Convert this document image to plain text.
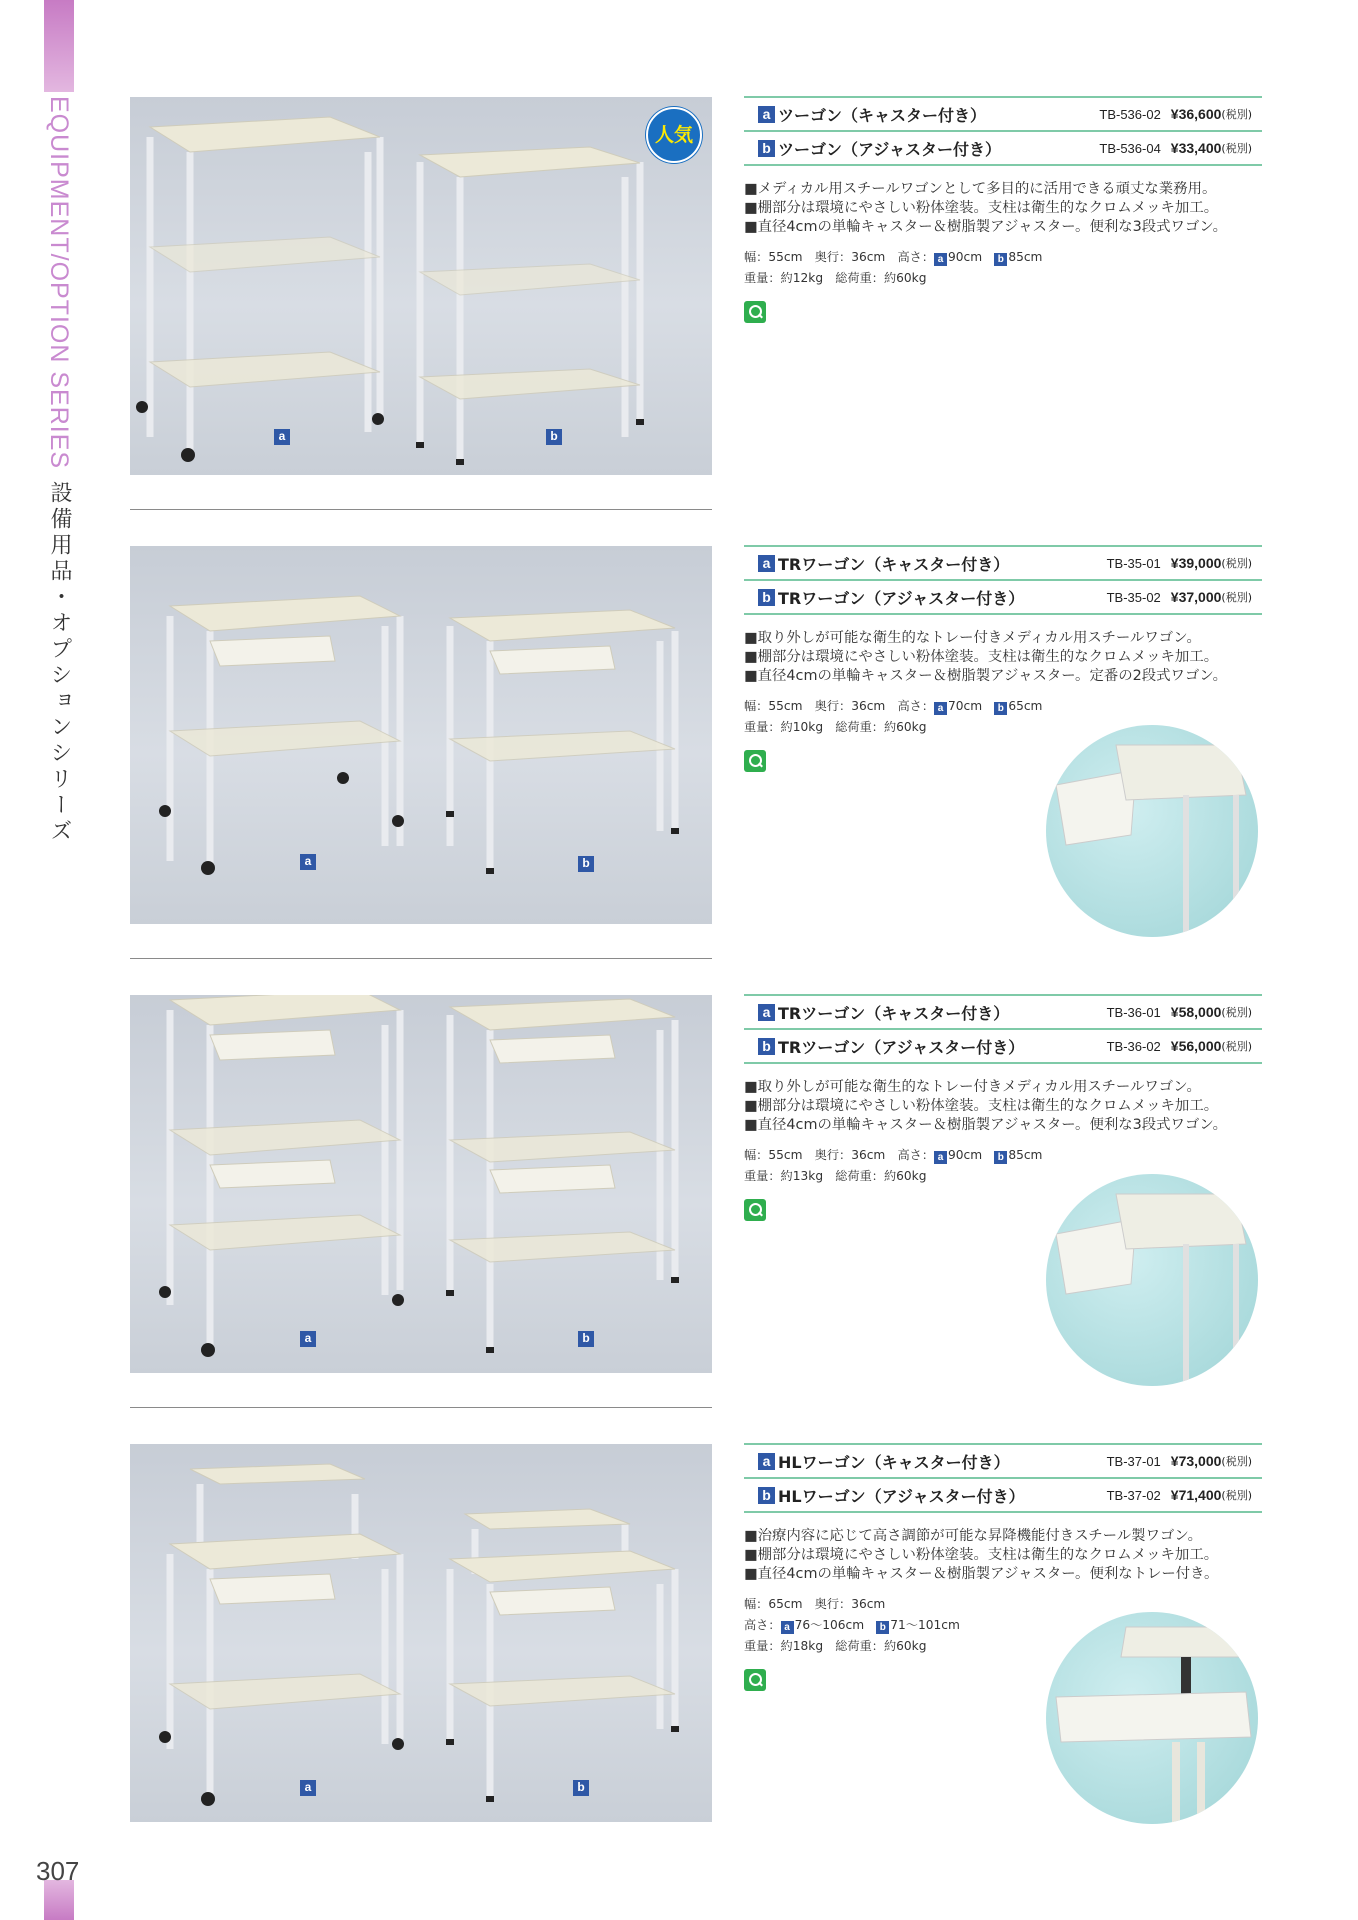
EQUIPMENT/OPTION SERIES
設備用品・オプションシリーズ
307
人気
a	b
a ツーゴン（キャスター付き）	TB-536-02 ¥36,600 (税別)
b ツーゴン（アジャスター付き）	TB-536-04 ¥33,400 (税別)
■メディカル用スチールワゴンとして多目的に活用できる頑丈な業務用。
■棚部分は環境にやさしい粉体塗装。支柱は衛生的なクロムメッキ加工。
■直径4cmの単輪キャスター＆樹脂製アジャスター。便利な3段式ワゴン。
幅：55cm　奥行：36cm　高さ： a 90cm　 b 85cm
重量：約12kg　総荷重：約60kg
a	b
a TRワーゴン（キャスター付き）	TB-35-01 ¥39,000 (税別)
b TRワーゴン（アジャスター付き）	TB-35-02 ¥37,000 (税別)
■取り外しが可能な衛生的なトレー付きメディカル用スチールワゴン。
■棚部分は環境にやさしい粉体塗装。支柱は衛生的なクロムメッキ加工。
■直径4cmの単輪キャスター＆樹脂製アジャスター。定番の2段式ワゴン。
幅：55cm　奥行：36cm　高さ： a 70cm　 b 65cm
重量：約10kg　総荷重：約60kg
a	b
a TRツーゴン（キャスター付き）	TB-36-01 ¥58,000 (税別)
b TRツーゴン（アジャスター付き）	TB-36-02 ¥56,000 (税別)
■取り外しが可能な衛生的なトレー付きメディカル用スチールワゴン。
■棚部分は環境にやさしい粉体塗装。支柱は衛生的なクロムメッキ加工。
■直径4cmの単輪キャスター＆樹脂製アジャスター。便利な3段式ワゴン。
幅：55cm　奥行：36cm　高さ： a 90cm　 b 85cm
重量：約13kg　総荷重：約60kg
a	b
a HLワーゴン（キャスター付き）	TB-37-01 ¥73,000 (税別)
b HLワーゴン（アジャスター付き）	TB-37-02 ¥71,400 (税別)
■治療内容に応じて高さ調節が可能な昇降機能付きスチール製ワゴン。
■棚部分は環境にやさしい粉体塗装。支柱は衛生的なクロムメッキ加工。
■直径4cmの単輪キャスター＆樹脂製アジャスター。便利なトレー付き。
幅：65cm　奥行：36cm
高さ： a 76〜106cm　 b 71〜101cm
重量：約18kg　総荷重：約60kg
